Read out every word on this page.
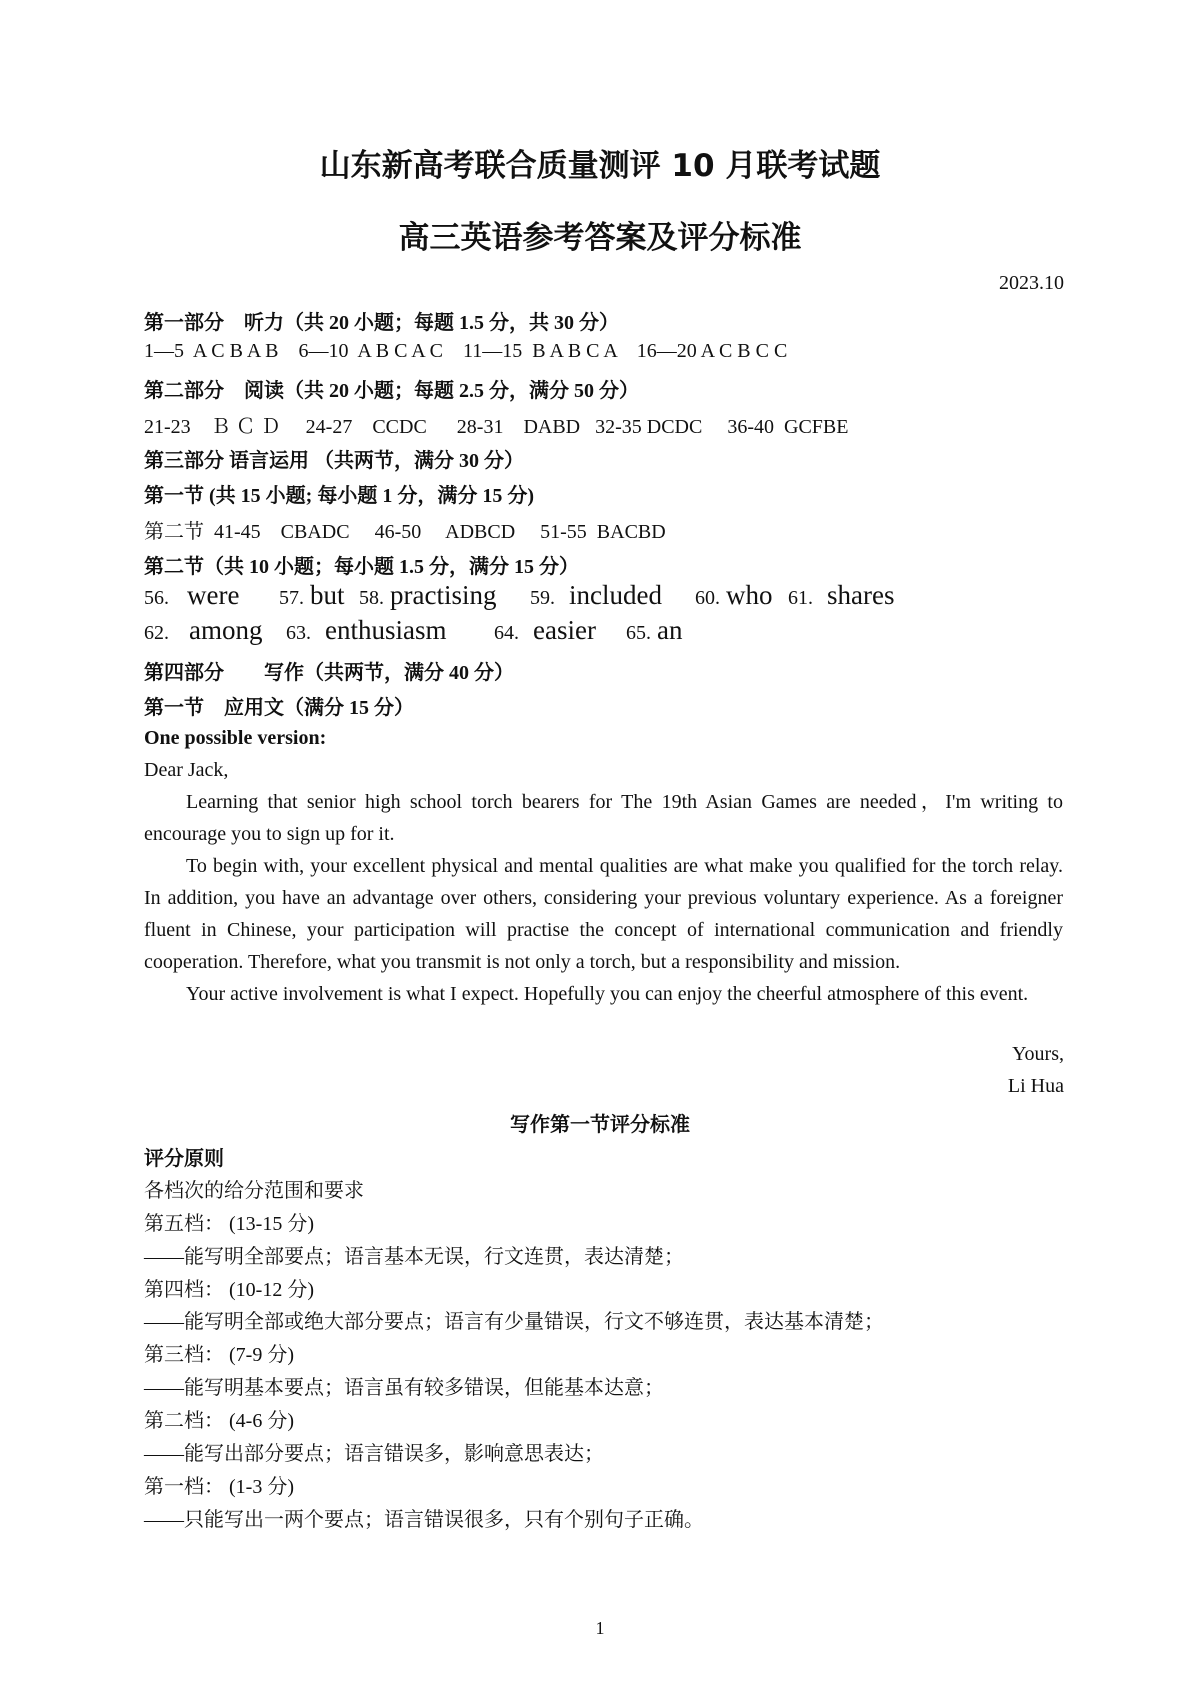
山东新高考联合质量测评 10 月联考试题
高三英语参考答案及评分标准
2023.10
第一部分　听力（共 20 小题；每题 1.5 分，共 30 分）
1—5  A C B A B    6—10  A B C A C    11—15  B A B C A    16—20 A C B C C
第二部分　阅读（共 20 小题；每题 2.5 分，满分 50 分）
21-23    Ｂ Ｃ Ｄ     24-27    CCDC      28-31    DABD   32-35 DCDC     36-40  GCFBE
第三部分 语言运用 （共两节，满分 30 分）
第一节 (共 15 小题; 每小题 1 分，满分 15 分)
第二节  41-45    CBADC     46-50     ADBCD     51-55  BACBD
第二节（共 10 小题；每小题 1.5 分，满分 15 分）
56. were	57. but 58. practising	59. included	60. who 61. shares
62. among	63. enthusiasm	64. easier	65. an
第四部分　　写作（共两节，满分 40 分）
第一节　应用文（满分 15 分）
One possible version:
Dear Jack,
Learning that senior high school torch bearers for The 19th Asian Games are needed，I'm writing to encourage you to sign up for it.
To begin with, your excellent physical and mental qualities are what make you qualified for the torch relay. In addition, you have an advantage over others, considering your previous voluntary experience. As a foreigner fluent in Chinese, your participation will practise the concept of international communication and friendly cooperation. Therefore, what you transmit is not only a torch, but a responsibility and mission.
Your active involvement is what I expect. Hopefully you can enjoy the cheerful atmosphere of this event.
Yours,
Li Hua
写作第一节评分标准
评分原则
各档次的给分范围和要求
第五档： (13-15 分)
——能写明全部要点；语言基本无误，行文连贯，表达清楚；
第四档： (10-12 分)
——能写明全部或绝大部分要点；语言有少量错误，行文不够连贯，表达基本清楚；
第三档： (7-9 分)
——能写明基本要点；语言虽有较多错误，但能基本达意；
第二档： (4-6 分)
——能写出部分要点；语言错误多，影响意思表达；
第一档： (1-3 分)
——只能写出一两个要点；语言错误很多，只有个别句子正确。
1
